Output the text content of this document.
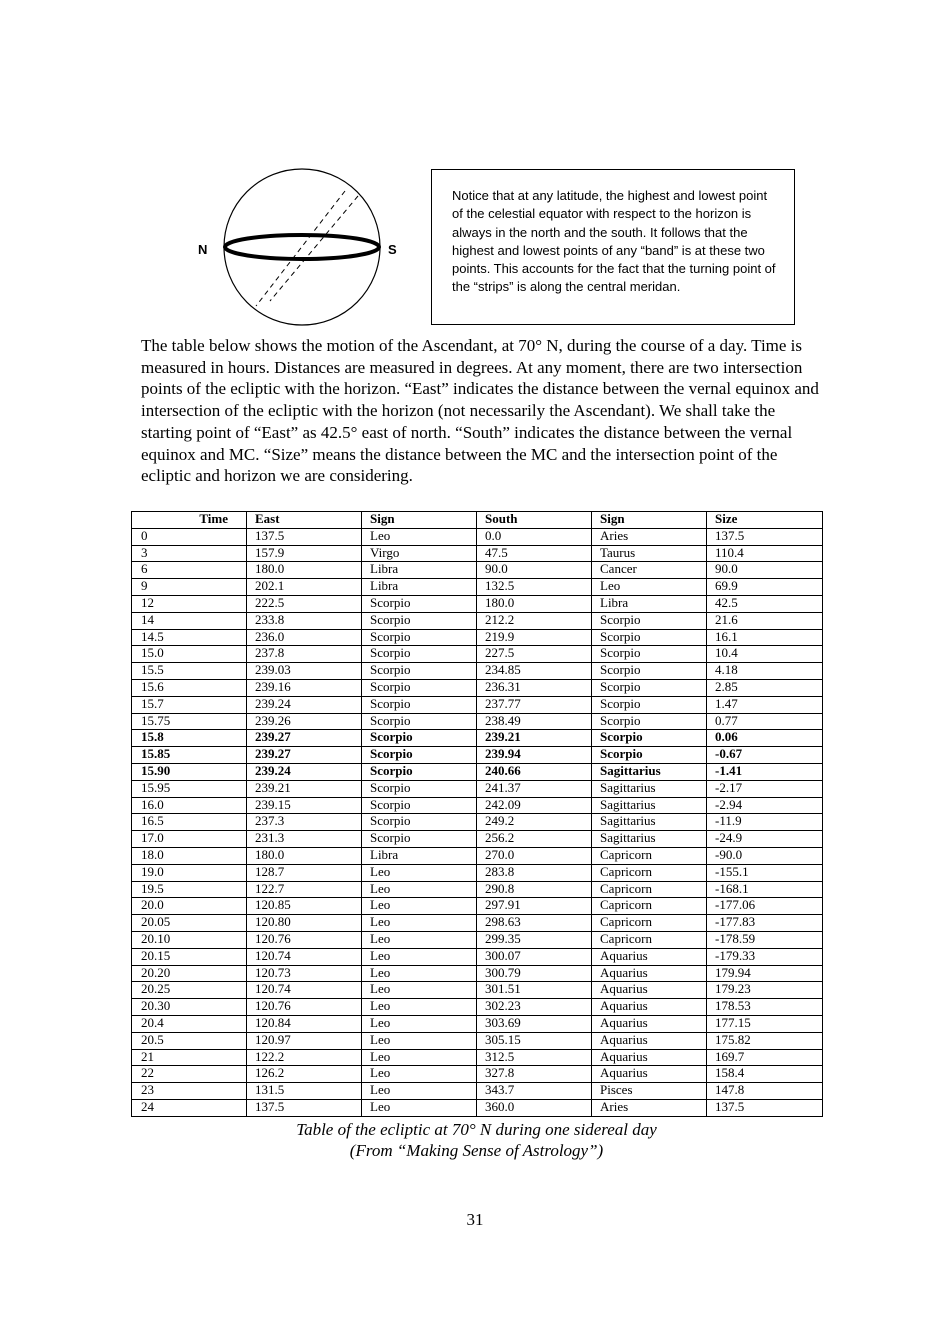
N	S
Notice that at any latitude, the highest and lowest point of the celestial equator with respect to the horizon is always in the north and the south. It follows that the highest and lowest points of any “band” is at these two points. This accounts for the fact that the turning point of the “strips” is along the central meridan.

The table below shows the motion of the Ascendant, at 70° N, during the course of a day. Time is measured in hours. Distances are measured in degrees. At any moment, there are two intersection points of the ecliptic with the horizon. “East” indicates the distance between the vernal equinox and intersection of the ecliptic with the horizon (not necessarily the Ascendant). We shall take the starting point of “East” as 42.5° east of north. “South” indicates the distance between the vernal equinox and MC. “Size” means the distance between the MC and the intersection point of the ecliptic and horizon we are considering.

Time	East	Sign	South	Sign	Size
0	137.5	Leo	0.0	Aries	137.5
3	157.9	Virgo	47.5	Taurus	110.4
6	180.0	Libra	90.0	Cancer	90.0
9	202.1	Libra	132.5	Leo	69.9
12	222.5	Scorpio	180.0	Libra	42.5
14	233.8	Scorpio	212.2	Scorpio	21.6
14.5	236.0	Scorpio	219.9	Scorpio	16.1
15.0	237.8	Scorpio	227.5	Scorpio	10.4
15.5	239.03	Scorpio	234.85	Scorpio	4.18
15.6	239.16	Scorpio	236.31	Scorpio	2.85
15.7	239.24	Scorpio	237.77	Scorpio	1.47
15.75	239.26	Scorpio	238.49	Scorpio	0.77
15.8	239.27	Scorpio	239.21	Scorpio	0.06
15.85	239.27	Scorpio	239.94	Scorpio	-0.67
15.90	239.24	Scorpio	240.66	Sagittarius	-1.41
15.95	239.21	Scorpio	241.37	Sagittarius	-2.17
16.0	239.15	Scorpio	242.09	Sagittarius	-2.94
16.5	237.3	Scorpio	249.2	Sagittarius	-11.9
17.0	231.3	Scorpio	256.2	Sagittarius	-24.9
18.0	180.0	Libra	270.0	Capricorn	-90.0
19.0	128.7	Leo	283.8	Capricorn	-155.1
19.5	122.7	Leo	290.8	Capricorn	-168.1
20.0	120.85	Leo	297.91	Capricorn	-177.06
20.05	120.80	Leo	298.63	Capricorn	-177.83
20.10	120.76	Leo	299.35	Capricorn	-178.59
20.15	120.74	Leo	300.07	Aquarius	-179.33
20.20	120.73	Leo	300.79	Aquarius	179.94
20.25	120.74	Leo	301.51	Aquarius	179.23
20.30	120.76	Leo	302.23	Aquarius	178.53
20.4	120.84	Leo	303.69	Aquarius	177.15
20.5	120.97	Leo	305.15	Aquarius	175.82
21	122.2	Leo	312.5	Aquarius	169.7
22	126.2	Leo	327.8	Aquarius	158.4
23	131.5	Leo	343.7	Pisces	147.8
24	137.5	Leo	360.0	Aries	137.5
Table of the ecliptic at 70° N during one sidereal day
(From “Making Sense of Astrology”)
31
